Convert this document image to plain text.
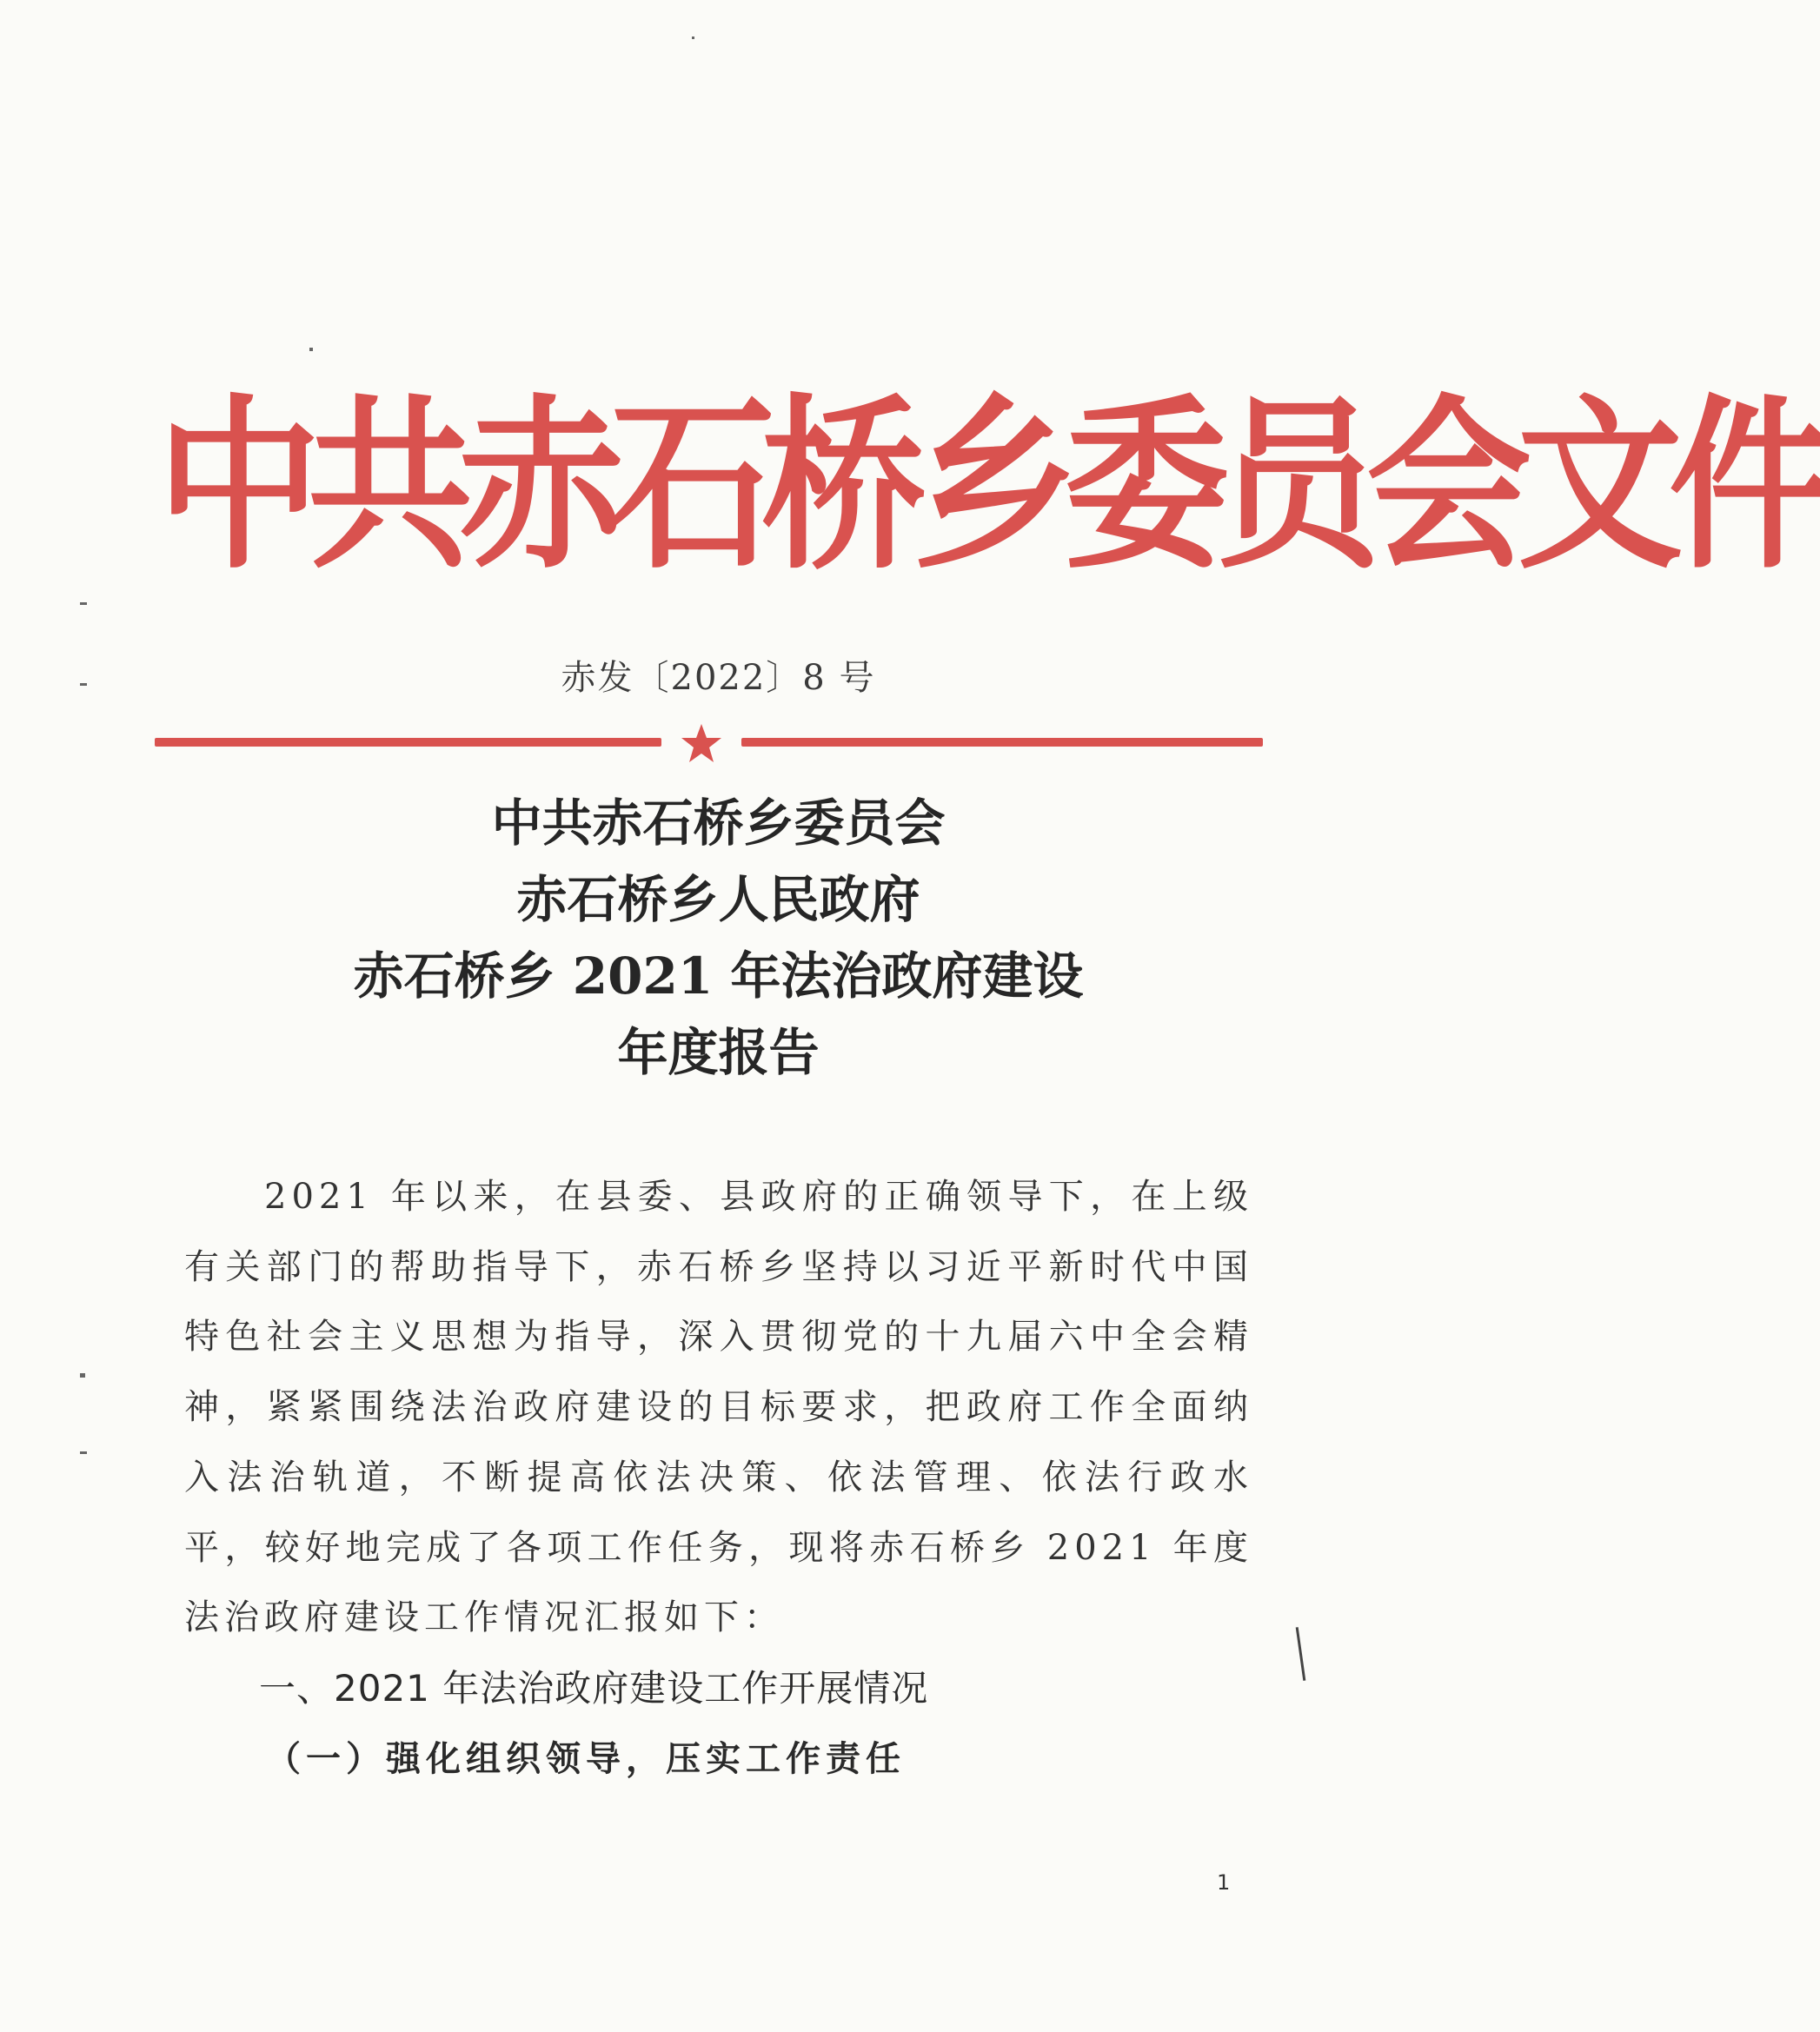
中共赤石桥乡委员会文件
赤发〔2022〕8 号
中共赤石桥乡委员会
赤石桥乡人民政府
赤石桥乡 2021 年法治政府建设
年度报告

2021 年以来，在县委、县政府的正确领导下，在上级有关部门的帮助指导下，赤石桥乡坚持以习近平新时代中国特色社会主义思想为指导，深入贯彻党的十九届六中全会精神，紧紧围绕法治政府建设的目标要求，把政府工作全面纳入法治轨道，不断提高依法决策、依法管理、依法行政水平，较好地完成了各项工作任务，现将赤石桥乡 2021 年度法治政府建设工作情况汇报如下：

一、2021 年法治政府建设工作开展情况
（一）强化组织领导，压实工作责任
1
